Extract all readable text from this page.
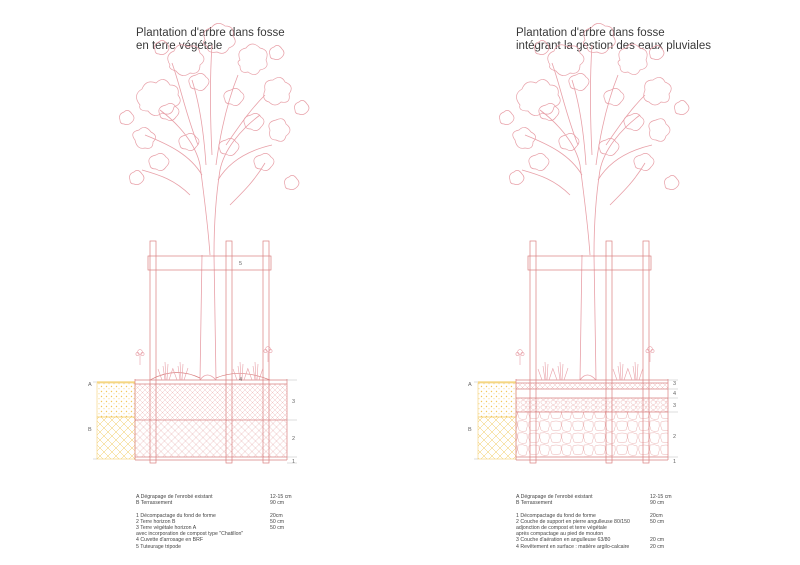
Plantation d'arbre dans fosse
en terre végétale
Plantation d'arbre dans fosse
intégrant la gestion des eaux pluviales
A
B
5
4
3
2
1
A
B
3
4
3
2
1
A Dégrapage de l'enrobé existant	12-15 cm
B Terrassement	90 cm
1 Décompactage du fond de forme	20cm
2 Terre horizon B	50 cm
3 Terre végétale horizon A	50 cm
avec incorporation de compost type "Chatillon"
4 Cuvette d'arrosage en BRF
5 Tuteurage tripode
A Dégrapage de l'enrobé existant	12-15 cm
B Terrassement	90 cm
1 Décompactage du fond de forme	20cm
2 Couche de support en pierre angulleuse 80/150	50 cm
adjonction de compost et terre végétale
après compactage au pied de mouton
3 Couche d'aération en angulleuse 63/80	20 cm
4 Revêtement en surface : matière argilo-calcaire	20 cm
